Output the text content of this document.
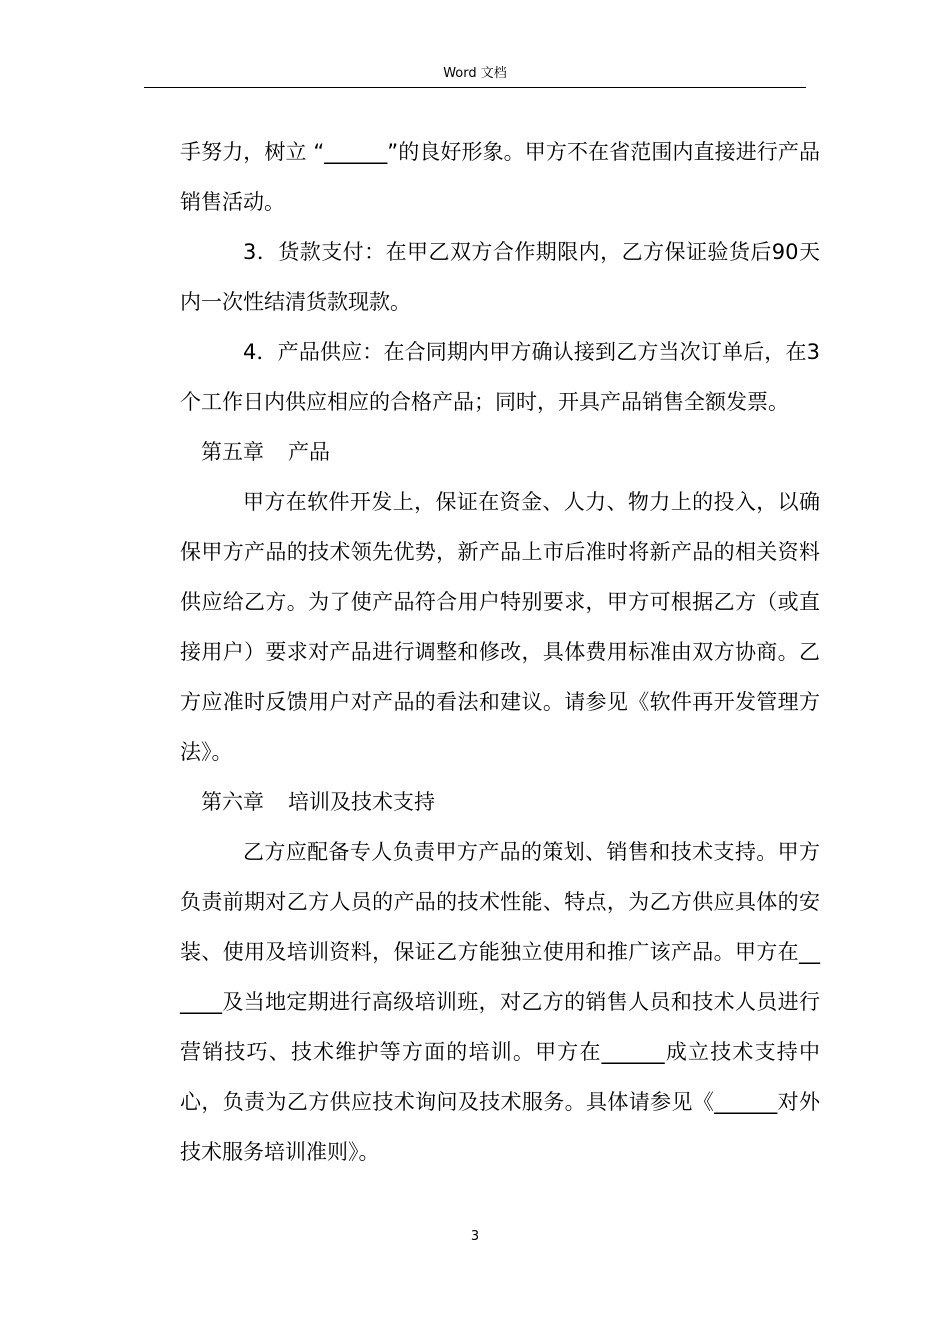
Word 文档

手努力，树立 “______”的良好形象。甲方不在省范围内直接进行产品销售活动。

3．货款支付：在甲乙双方合作期限内，乙方保证验货后90天内一次性结清货款现款。

4．产品供应：在合同期内甲方确认接到乙方当次订单后，在3个工作日内供应相应的合格产品；同时，开具产品销售全额发票。

第五章 产品

甲方在软件开发上，保证在资金、人力、物力上的投入，以确保甲方产品的技术领先优势，新产品上市后准时将新产品的相关资料供应给乙方。为了使产品符合用户特别要求，甲方可根据乙方（或直接用户）要求对产品进行调整和修改，具体费用标准由双方协商。乙方应准时反馈用户对产品的看法和建议。请参见《软件再开发管理方法》。

第六章 培训及技术支持

乙方应配备专人负责甲方产品的策划、销售和技术支持。甲方负责前期对乙方人员的产品的技术性能、特点，为乙方供应具体的安装、使用及培训资料，保证乙方能独立使用和推广该产品。甲方在______及当地定期进行高级培训班，对乙方的销售人员和技术人员进行营销技巧、技术维护等方面的培训。甲方在______成立技术支持中心，负责为乙方供应技术询问及技术服务。具体请参见《______对外技术服务培训准则》。

3
